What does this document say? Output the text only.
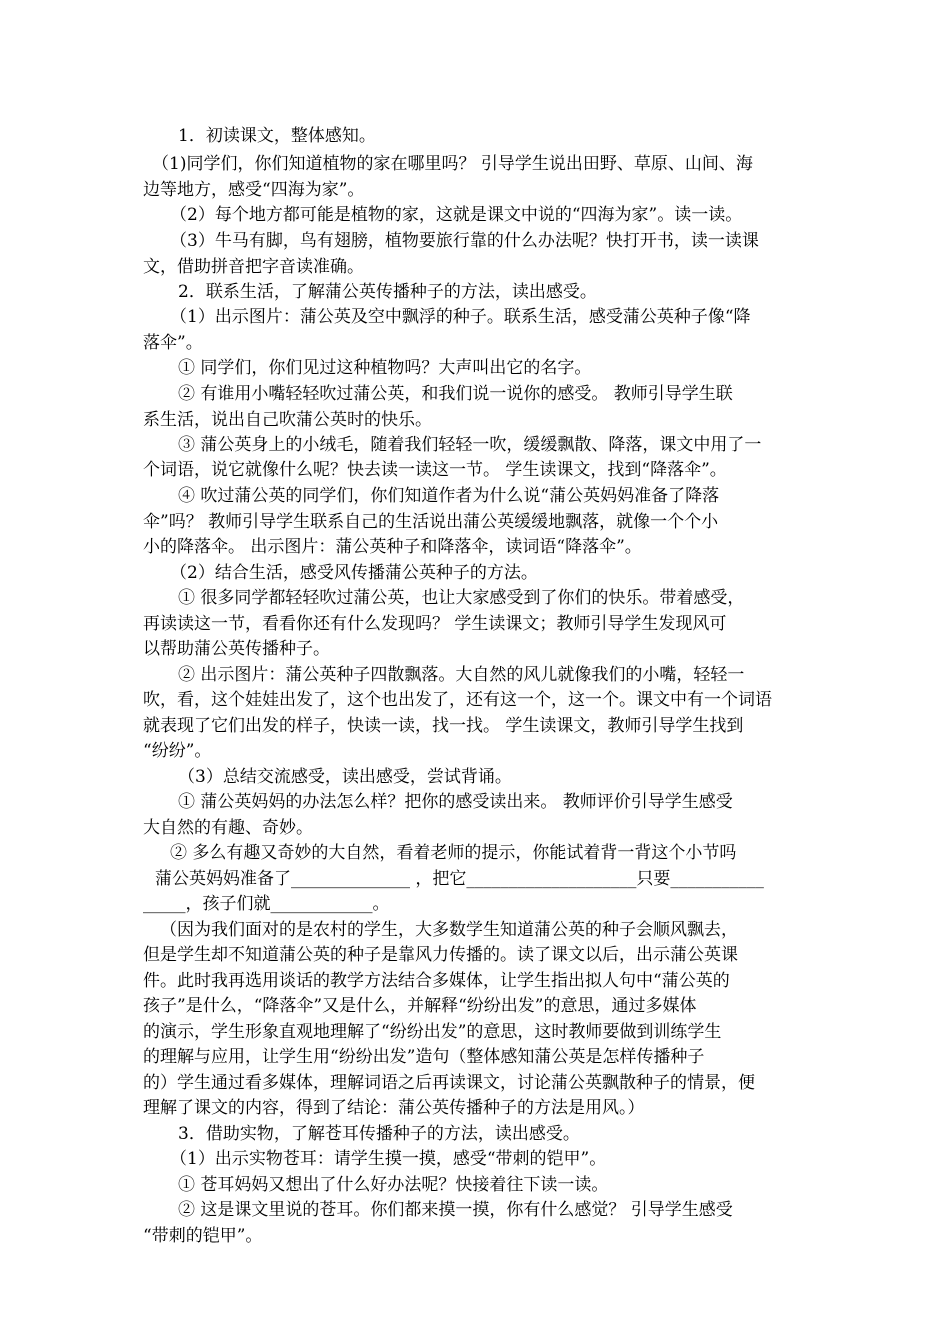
1．初读课文，整体感知。
（1)同学们，你们知道植物的家在哪里吗？ 引导学生说出田野、草原、山间、海
边等地方，感受“四海为家”。
（2）每个地方都可能是植物的家，这就是课文中说的“四海为家”。读一读。
（3）牛马有脚，鸟有翅膀，植物要旅行靠的什么办法呢？快打开书，读一读课
文，借助拼音把字音读准确。
2．联系生活，了解蒲公英传播种子的方法，读出感受。
（1）出示图片：蒲公英及空中飘浮的种子。联系生活，感受蒲公英种子像“降
落伞”。
① 同学们，你们见过这种植物吗？大声叫出它的名字。
② 有谁用小嘴轻轻吹过蒲公英，和我们说一说你的感受。 教师引导学生联
系生活，说出自己吹蒲公英时的快乐。
③ 蒲公英身上的小绒毛，随着我们轻轻一吹，缓缓飘散、降落，课文中用了一
个词语，说它就像什么呢？快去读一读这一节。 学生读课文，找到“降落伞”。
④ 吹过蒲公英的同学们，你们知道作者为什么说“蒲公英妈妈准备了降落
伞”吗？ 教师引导学生联系自己的生活说出蒲公英缓缓地飘落，就像一个个小
小的降落伞。 出示图片：蒲公英种子和降落伞，读词语“降落伞”。
（2）结合生活，感受风传播蒲公英种子的方法。
① 很多同学都轻轻吹过蒲公英，也让大家感受到了你们的快乐。带着感受，
再读读这一节，看看你还有什么发现吗？ 学生读课文；教师引导学生发现风可
以帮助蒲公英传播种子。
② 出示图片：蒲公英种子四散飘落。大自然的风儿就像我们的小嘴，轻轻一
吹，看，这个娃娃出发了，这个也出发了，还有这一个，这一个。课文中有一个词语
就表现了它们出发的样子，快读一读，找一找。 学生读课文，教师引导学生找到
“纷纷”。
（3）总结交流感受，读出感受，尝试背诵。
① 蒲公英妈妈的办法怎么样？把你的感受读出来。 教师评价引导学生感受
大自然的有趣、奇妙。
② 多么有趣又奇妙的大自然，看着老师的提示，你能试着背一背这个小节吗
蒲公英妈妈准备了______________ ，把它____________________只要___________
_____，孩子们就____________。
（因为我们面对的是农村的学生，大多数学生知道蒲公英的种子会顺风飘去，
但是学生却不知道蒲公英的种子是靠风力传播的。读了课文以后，出示蒲公英课
件。此时我再选用谈话的教学方法结合多媒体，让学生指出拟人句中“蒲公英的
孩子”是什么，“降落伞”又是什么，并解释“纷纷出发”的意思，通过多媒体
的演示，学生形象直观地理解了“纷纷出发”的意思，这时教师要做到训练学生
的理解与应用，让学生用“纷纷出发”造句（整体感知蒲公英是怎样传播种子
的）学生通过看多媒体，理解词语之后再读课文，讨论蒲公英飘散种子的情景，便
理解了课文的内容，得到了结论：蒲公英传播种子的方法是用风。）
3．借助实物，了解苍耳传播种子的方法，读出感受。
（1）出示实物苍耳：请学生摸一摸，感受“带刺的铠甲”。
① 苍耳妈妈又想出了什么好办法呢？快接着往下读一读。
② 这是课文里说的苍耳。你们都来摸一摸，你有什么感觉？ 引导学生感受
“带刺的铠甲”。
